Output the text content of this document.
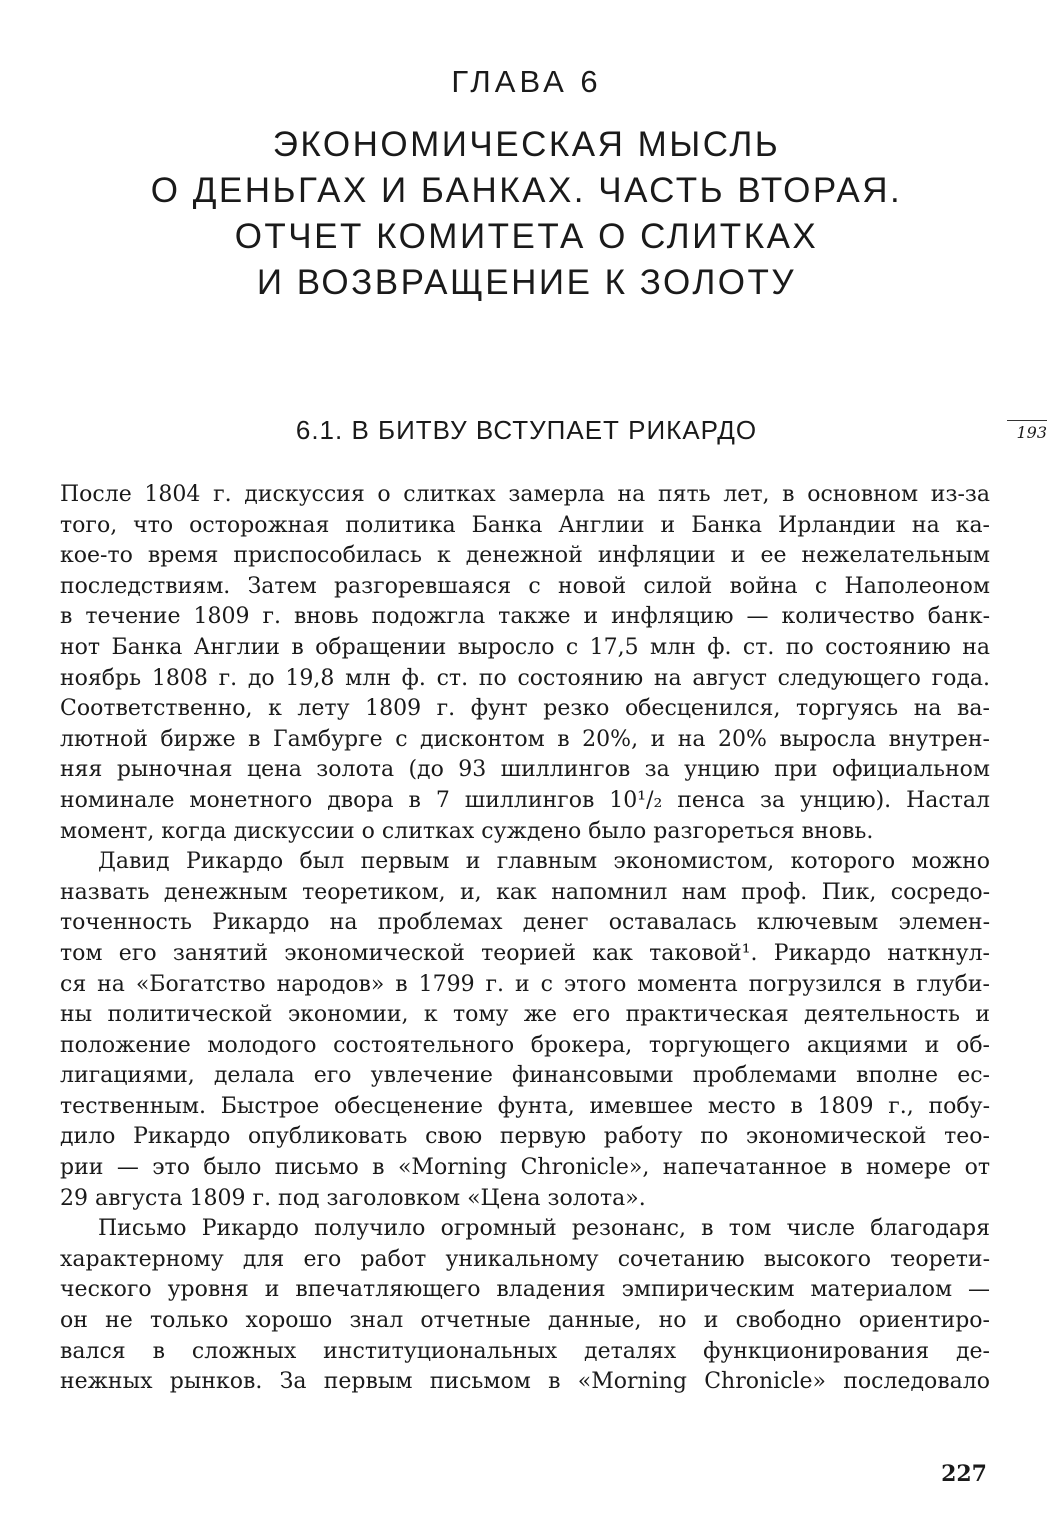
ГЛАВА 6
ЭКОНОМИЧЕСКАЯ МЫСЛЬ
О ДЕНЬГАХ И БАНКАХ. ЧАСТЬ ВТОРАЯ.
ОТЧЕТ КОМИТЕТА О СЛИТКАХ
И ВОЗВРАЩЕНИЕ К ЗОЛОТУ
6.1. В БИТВУ ВСТУПАЕТ РИКАРДО	193

После 1804 г. дискуссия о слитках замерла на пять лет, в основном из-за
того, что осторожная политика Банка Англии и Банка Ирландии на ка-
кое-то время приспособилась к денежной инфляции и ее нежелательным
последствиям. Затем разгоревшаяся с новой силой война с Наполеоном
в течение 1809 г. вновь подожгла также и инфляцию — количество банк-
нот Банка Англии в обращении выросло с 17,5 млн ф. ст. по состоянию на
ноябрь 1808 г. до 19,8 млн ф. ст. по состоянию на август следующего года.
Соответственно, к лету 1809 г. фунт резко обесценился, торгуясь на ва-
лютной бирже в Гамбурге с дисконтом в 20%, и на 20% выросла внутрен-
няя рыночная цена золота (до 93 шиллингов за унцию при официальном
номинале монетного двора в 7 шиллингов 10¹/₂ пенса за унцию). Настал
момент, когда дискуссии о слитках суждено было разгореться вновь.

Давид Рикардо был первым и главным экономистом, которого можно
назвать денежным теоретиком, и, как напомнил нам проф. Пик, сосредо-
точенность Рикардо на проблемах денег оставалась ключевым элемен-
том его занятий экономической теорией как таковой¹. Рикардо наткнул-
ся на «Богатство народов» в 1799 г. и с этого момента погрузился в глуби-
ны политической экономии, к тому же его практическая деятельность и
положение молодого состоятельного брокера, торгующего акциями и об-
лигациями, делала его увлечение финансовыми проблемами вполне ес-
тественным. Быстрое обесценение фунта, имевшее место в 1809 г., побу-
дило Рикардо опубликовать свою первую работу по экономической тео-
рии — это было письмо в «Morning Chronicle», напечатанное в номере от
29 августа 1809 г. под заголовком «Цена золота».

Письмо Рикардо получило огромный резонанс, в том числе благодаря
характерному для его работ уникальному сочетанию высокого теорети-
ческого уровня и впечатляющего владения эмпирическим материалом —
он не только хорошо знал отчетные данные, но и свободно ориентиро-
вался в сложных институциональных деталях функционирования де-
нежных рынков. За первым письмом в «Morning Chronicle» последовало

227
